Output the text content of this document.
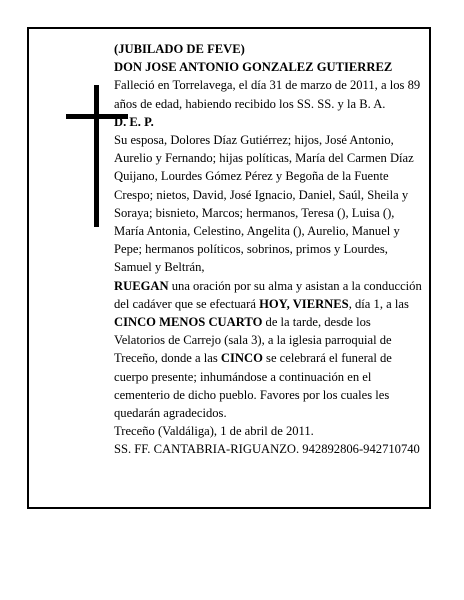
(JUBILADO DE FEVE)

DON JOSE ANTONIO GONZALEZ GUTIERREZ

Falleció en Torrelavega, el día 31 de marzo de 2011, a los 89 años de edad, habiendo recibido los SS. SS. y la B. A.

D. E. P.

Su esposa, Dolores Díaz Gutiérrez; hijos, José Antonio, Aurelio y Fernando; hijas políticas, María del Carmen Díaz Quijano, Lourdes Gómez Pérez y Begoña de la Fuente Crespo; nietos, David, José Ignacio, Daniel, Saúl, Sheila y Soraya; bisnieto, Marcos; hermanos, Teresa (), Luisa (), María Antonia, Celestino, Angelita (), Aurelio, Manuel y Pepe; hermanos políticos, sobrinos, primos y Lourdes, Samuel y Beltrán,

RUEGAN una oración por su alma y asistan a la conducción del cadáver que se efectuará HOY, VIERNES, día 1, a las CINCO MENOS CUARTO de la tarde, desde los Velatorios de Carrejo (sala 3), a la iglesia parroquial de Treceño, donde a las CINCO se celebrará el funeral de cuerpo presente; inhumándose a continuación en el cementerio de dicho pueblo. Favores por los cuales les quedarán agradecidos.

Treceño (Valdáliga), 1 de abril de 2011.

SS. FF. CANTABRIA-RIGUANZO. 942892806-942710740
